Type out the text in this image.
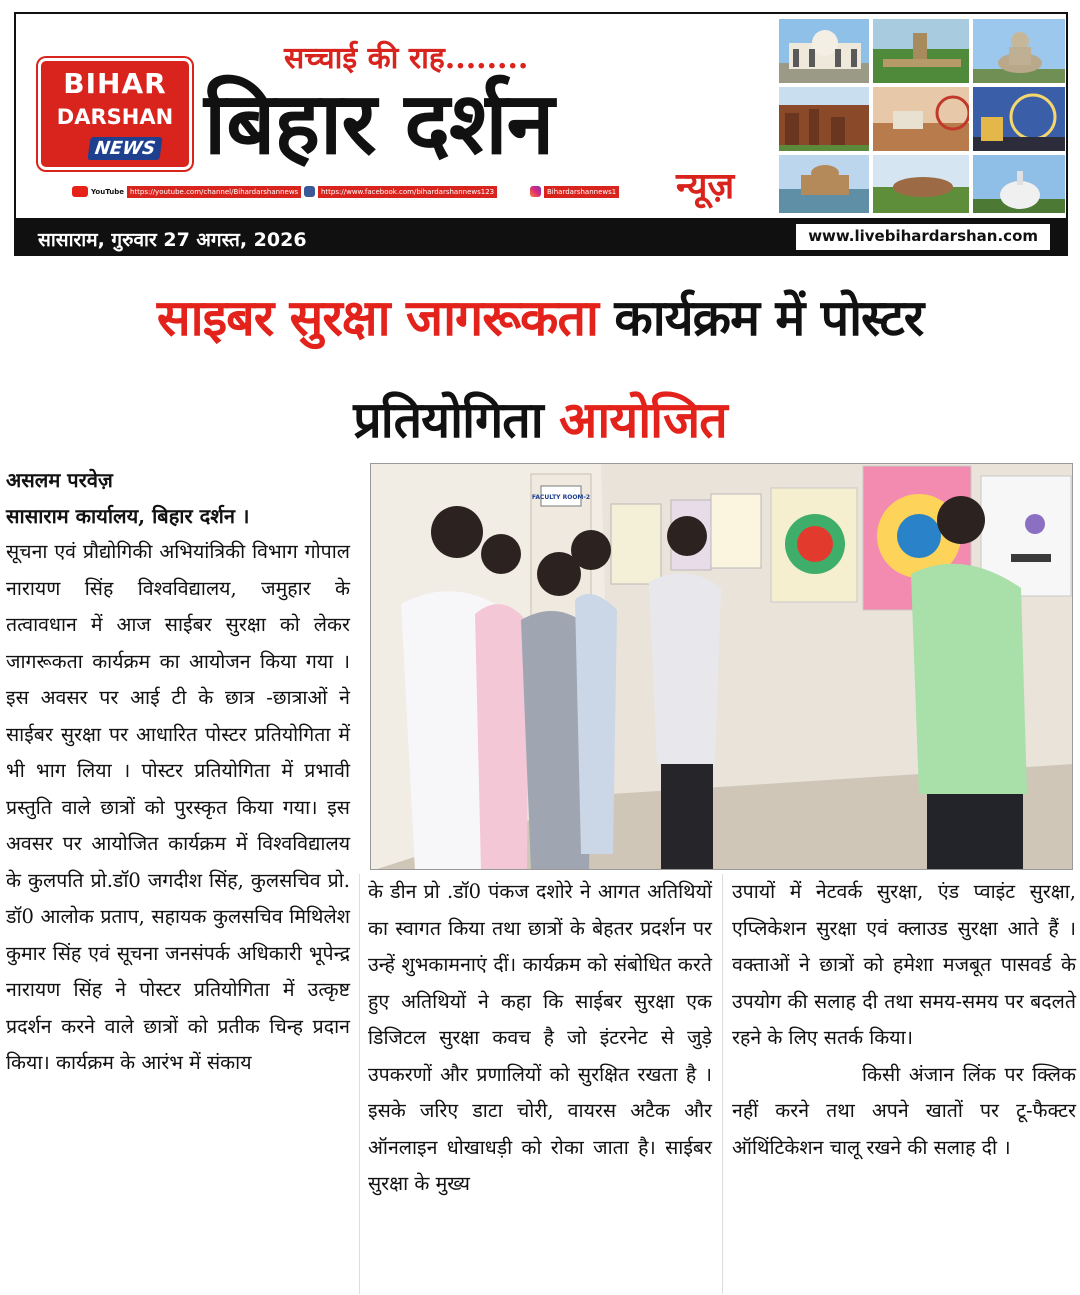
BIHAR
DARSHAN
NEWS
सच्चाई की राह........
बिहार दर्शन
न्यूज़
YouTube https://youtube.com/channel/Bihardarshannews	https://www.facebook.com/bihardarshannews123	Bihardarshannews1
सासाराम, गुरुवार 27 अगस्त, 2026	www.livebihardarshan.com
साइबर सुरक्षा जागरूकता कार्यक्रम में पोस्टर
प्रतियोगिता आयोजित
FACULTY ROOM-2

असलम परवेज़

सासाराम कार्यालय, बिहार दर्शन ।

सूचना एवं प्रौद्योगिकी अभियांत्रिकी विभाग गोपाल नारायण सिंह विश्वविद्यालय, जमुहार के तत्वावधान में आज साईबर सुरक्षा को लेकर जागरूकता कार्यक्रम का आयोजन किया गया । इस अवसर पर आई टी के छात्र -छात्राओं ने साईबर सुरक्षा पर आधारित पोस्टर प्रतियोगिता में भी भाग लिया । पोस्टर प्रतियोगिता में प्रभावी प्रस्तुति वाले छात्रों को पुरस्कृत किया गया। इस अवसर पर आयोजित कार्यक्रम में विश्वविद्यालय के कुलपति प्रो.डॉ0 जगदीश सिंह, कुलसचिव प्रो. डॉ0 आलोक प्रताप, सहायक कुलसचिव मिथिलेश कुमार सिंह एवं सूचना जनसंपर्क अधिकारी भूपेन्द्र नारायण सिंह ने पोस्टर प्रतियोगिता में उत्कृष्ट प्रदर्शन करने वाले छात्रों को प्रतीक चिन्ह प्रदान किया। कार्यक्रम के आरंभ में संकाय

के डीन प्रो .डॉ0 पंकज दशोरे ने आगत अतिथियों का स्वागत किया तथा छात्रों के बेहतर प्रदर्शन पर उन्हें शुभकामनाएं दीं। कार्यक्रम को संबोधित करते हुए अतिथियों ने कहा कि साईबर सुरक्षा एक डिजिटल सुरक्षा कवच है जो इंटरनेट से जुड़े उपकरणों और प्रणालियों को सुरक्षित रखता है । इसके जरिए डाटा चोरी, वायरस अटैक और ऑनलाइन धोखाधड़ी को रोका जाता है। साईबर सुरक्षा के मुख्य

उपायों में नेटवर्क सुरक्षा, एंड प्वाइंट सुरक्षा, एप्लिकेशन सुरक्षा एवं क्लाउड सुरक्षा आते हैं । वक्ताओं ने छात्रों को हमेशा मजबूत पासवर्ड के उपयोग की सलाह दी तथा समय-समय पर बदलते रहने के लिए सतर्क किया।

किसी अंजान लिंक पर क्लिक नहीं करने तथा अपने खातों पर टू-फैक्टर ऑथिंटिकेशन चालू रखने की सलाह दी ।
